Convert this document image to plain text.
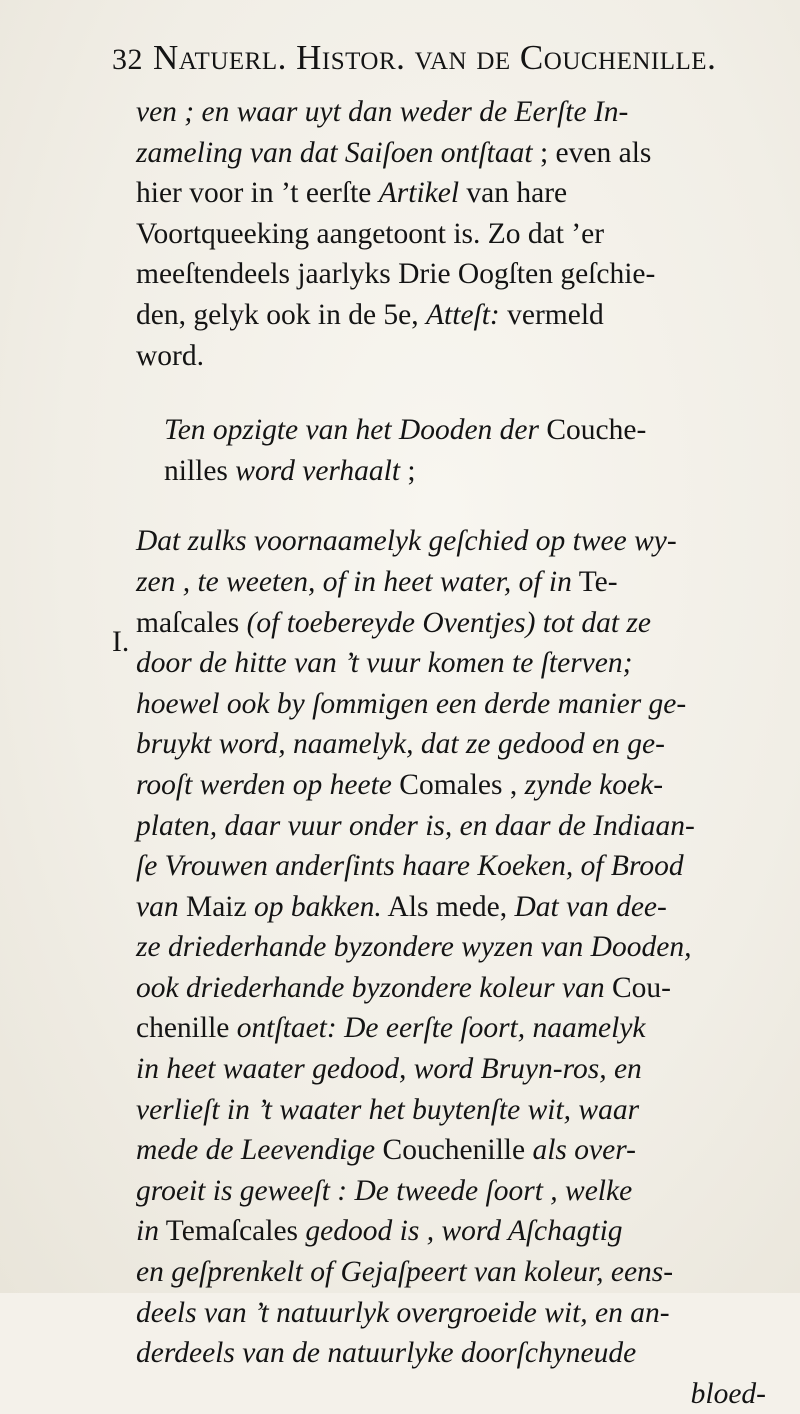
32 Natuerl. Histor. van de Couchenille.
I.
ven ; en waar uyt dan weder de Eerſte In-
zameling van dat Saiſoen ontſtaat ; even als
hier voor in ’t eerſte Artikel van hare
Voortqueeking aangetoont is. Zo dat ’er
meeſtendeels jaarlyks Drie Oogſten geſchie-
den, gelyk ook in de 5e, Atteſt: vermeld
word.
Ten opzigte van het Dooden der Couche-
nilles word verhaalt ;
Dat zulks voornaamelyk geſchied op twee wy-
zen , te weeten, of in heet water, of in Te-
maſcales (of toebereyde Oventjes) tot dat ze
door de hitte van ’t vuur komen te ſterven;
hoewel ook by ſommigen een derde manier ge-
bruykt word, naamelyk, dat ze gedood en ge-
rooſt werden op heete Comales , zynde koek-
platen, daar vuur onder is, en daar de Indiaan-
ſe Vrouwen anderſints haare Koeken, of Brood
van Maiz op bakken. Als mede, Dat van dee-
ze driederhande byzondere wyzen van Dooden,
ook driederhande byzondere koleur van Cou-
chenille ontſtaet: De eerſte ſoort, naamelyk
in heet waater gedood, word Bruyn-ros, en
verlieſt in ’t waater het buytenſte wit, waar
mede de Leevendige Couchenille als over-
groeit is geweeſt : De tweede ſoort , welke
in Temaſcales gedood is , word Aſchagtig
en geſprenkelt of Gejaſpeert van koleur, eens-
deels van ’t natuurlyk overgroeide wit, en an-
derdeels van de natuurlyke doorſchyneude
bloed-
